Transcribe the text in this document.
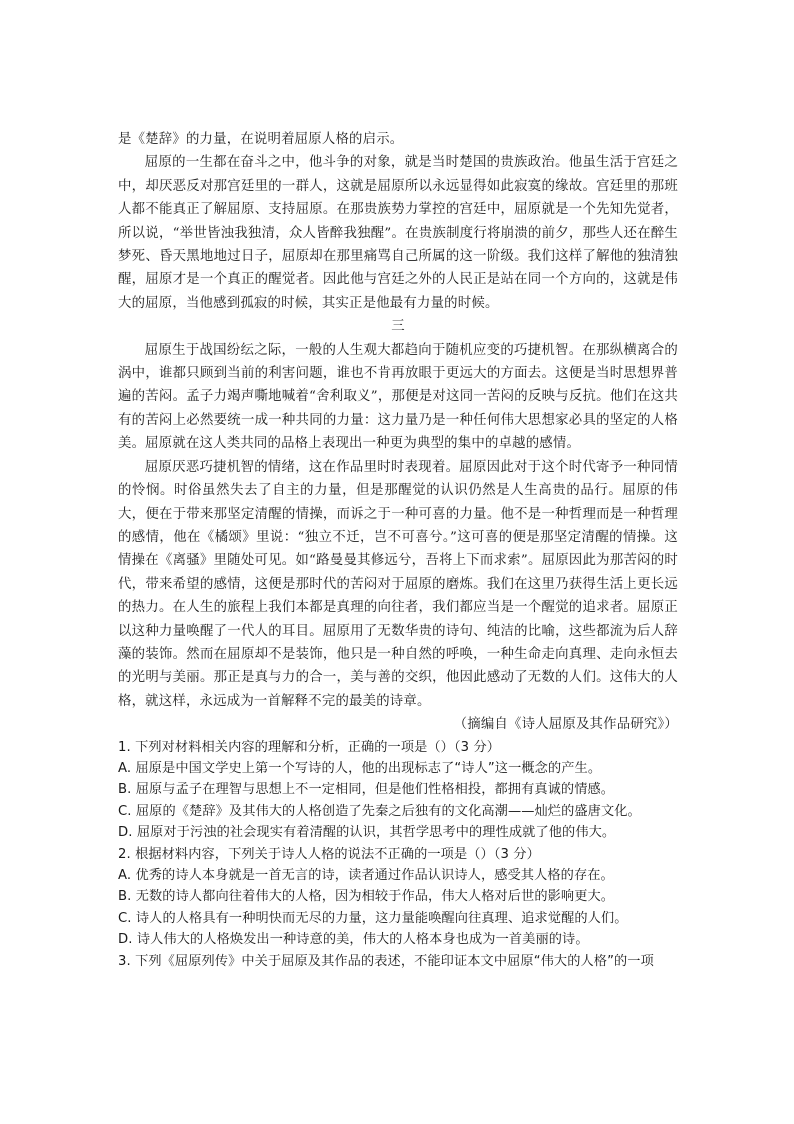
是《楚辞》的力量，在说明着屈原人格的启示。

屈原的一生都在奋斗之中，他斗争的对象，就是当时楚国的贵族政治。他虽生活于宫廷之中，却厌恶反对那宫廷里的一群人，这就是屈原所以永远显得如此寂寞的缘故。宫廷里的那班人都不能真正了解屈原、支持屈原。在那贵族势力掌控的宫廷中，屈原就是一个先知先觉者，所以说，“举世皆浊我独清，众人皆醉我独醒”。在贵族制度行将崩溃的前夕，那些人还在醉生梦死、昏天黑地地过日子，屈原却在那里痛骂自己所属的这一阶级。我们这样了解他的独清独醒，屈原才是一个真正的醒觉者。因此他与宫廷之外的人民正是站在同一个方向的，这就是伟大的屈原，当他感到孤寂的时候，其实正是他最有力量的时候。

三

屈原生于战国纷纭之际，一般的人生观大都趋向于随机应变的巧捷机智。在那纵横离合的涡中，谁都只顾到当前的利害问题，谁也不肯再放眼于更远大的方面去。这便是当时思想界普遍的苦闷。孟子力竭声嘶地喊着“舍利取义”，那便是对这同一苦闷的反映与反抗。他们在这共有的苦闷上必然要统一成一种共同的力量：这力量乃是一种任何伟大思想家必具的坚定的人格美。屈原就在这人类共同的品格上表现出一种更为典型的集中的卓越的感情。

屈原厌恶巧捷机智的情绪，这在作品里时时表现着。屈原因此对于这个时代寄予一种同情的怜悯。时俗虽然失去了自主的力量，但是那醒觉的认识仍然是人生高贵的品行。屈原的伟大，便在于带来那坚定清醒的情操，而诉之于一种可喜的力量。他不是一种哲理而是一种哲理的感情，他在《橘颂》里说：“独立不迁，岂不可喜兮。”这可喜的便是那坚定清醒的情操。这情操在《离骚》里随处可见。如“路曼曼其修远兮，吾将上下而求索”。屈原因此为那苦闷的时代，带来希望的感情，这便是那时代的苦闷对于屈原的磨炼。我们在这里乃获得生活上更长远的热力。在人生的旅程上我们本都是真理的向往者，我们都应当是一个醒觉的追求者。屈原正以这种力量唤醒了一代人的耳目。屈原用了无数华贵的诗句、纯洁的比喻，这些都流为后人辞藻的装饰。然而在屈原却不是装饰，他只是一种自然的呼唤，一种生命走向真理、走向永恒去的光明与美丽。那正是真与力的合一，美与善的交织，他因此感动了无数的人们。这伟大的人格，就这样，永远成为一首解释不完的最美的诗章。

（摘编自《诗人屈原及其作品研究》）

1. 下列对材料相关内容的理解和分析，正确的一项是（）（3 分）

A. 屈原是中国文学史上第一个写诗的人，他的出现标志了“诗人”这一概念的产生。

B. 屈原与孟子在理智与思想上不一定相同，但是他们性格相投，都拥有真诚的情感。

C. 屈原的《楚辞》及其伟大的人格创造了先秦之后独有的文化高潮——灿烂的盛唐文化。

D. 屈原对于污浊的社会现实有着清醒的认识，其哲学思考中的理性成就了他的伟大。

2. 根据材料内容，下列关于诗人人格的说法不正确的一项是（）（3 分）

A. 优秀的诗人本身就是一首无言的诗，读者通过作品认识诗人，感受其人格的存在。

B. 无数的诗人都向往着伟大的人格，因为相较于作品，伟大人格对后世的影响更大。

C. 诗人的人格具有一种明快而无尽的力量，这力量能唤醒向往真理、追求觉醒的人们。

D. 诗人伟大的人格焕发出一种诗意的美，伟大的人格本身也成为一首美丽的诗。

3. 下列《屈原列传》中关于屈原及其作品的表述，不能印证本文中屈原“伟大的人格”的一项
